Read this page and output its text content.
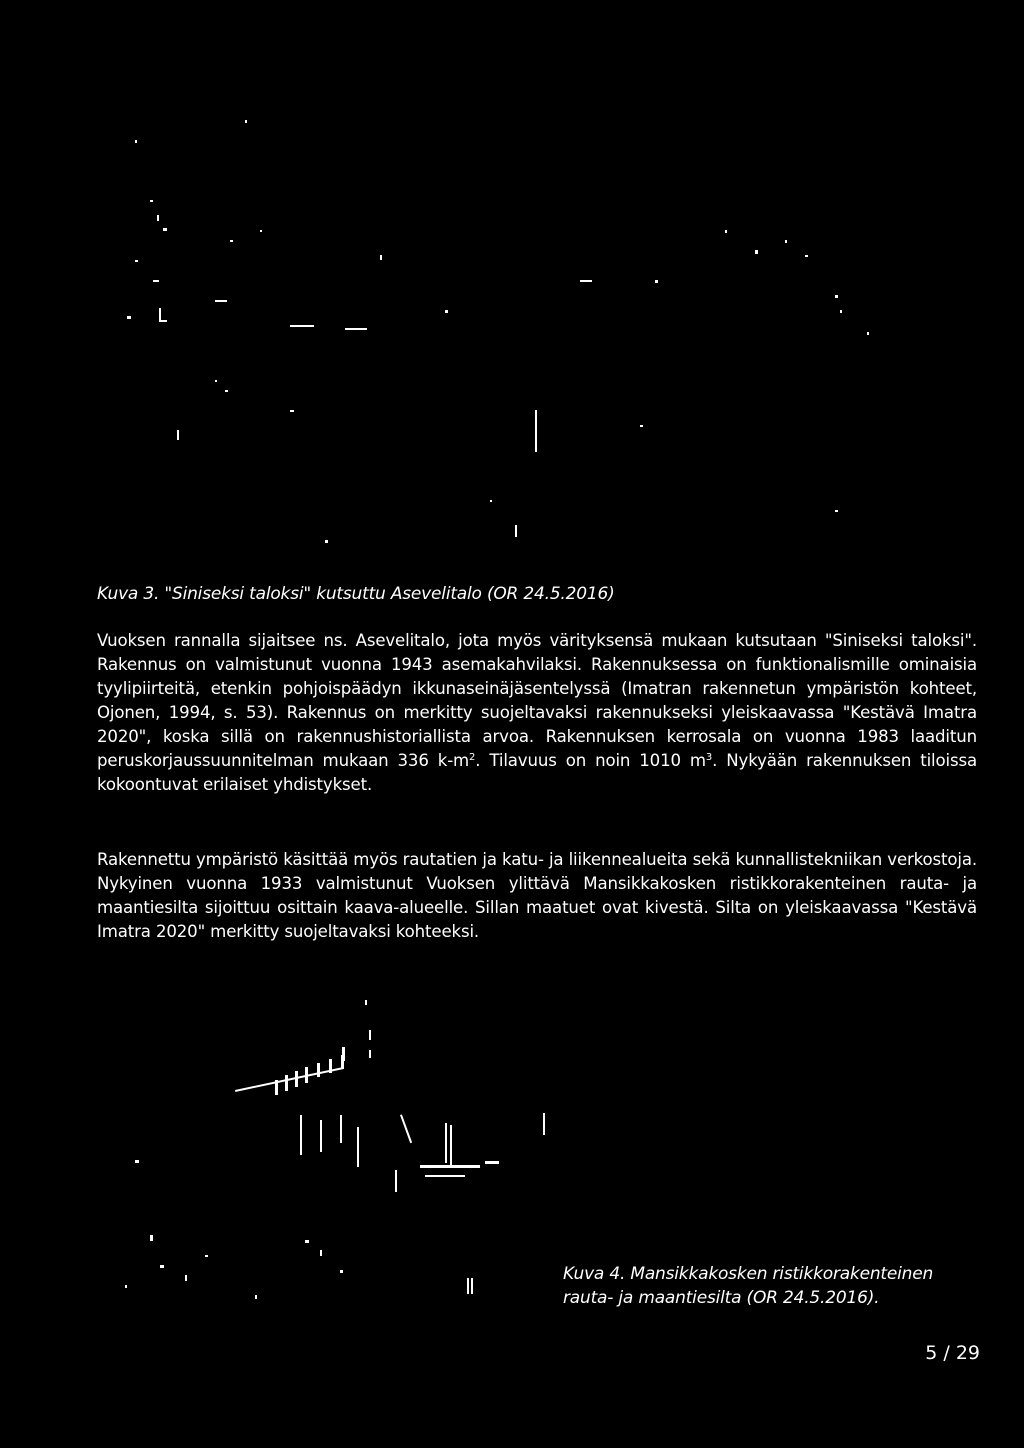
Kuva 3. "Siniseksi taloksi" kutsuttu Asevelitalo (OR 24.5.2016)

Vuoksen rannalla sijaitsee ns. Asevelitalo, jota myös värityksensä mukaan kutsutaan "Siniseksi taloksi". Rakennus on valmistunut vuonna 1943 asemakahvilaksi. Rakennuksessa on funktionalismille ominaisia tyylipiirteitä, etenkin pohjoispäädyn ikkunaseinäjäsentelyssä (Imatran rakennetun ympäristön kohteet, Ojonen, 1994, s. 53). Rakennus on merkitty suojeltavaksi rakennukseksi yleiskaavassa "Kestävä Imatra 2020", koska sillä on rakennushistoriallista arvoa. Rakennuksen kerrosala on vuonna 1983 laaditun peruskorjaussuunnitelman mukaan 336 $k-m^2$. Tilavuus on noin 1010 $m^3$. Nykyään rakennuksen tiloissa kokoontuvat erilaiset yhdistykset.

Rakennettu ympäristö käsittää myös rautatien ja katu- ja liikennealueita sekä kunnallistekniikan verkostoja. Nykyinen vuonna 1933 valmistunut Vuoksen ylittävä Mansikkakosken ristikkorakenteinen rauta- ja maantiesilta sijoittuu osittain kaava-alueelle. Sillan maatuet ovat kivestä. Silta on yleiskaavassa "Kestävä Imatra 2020" merkitty suojeltavaksi kohteeksi.

Kuva 4. Mansikkakosken ristikkorakenteinen rauta- ja maantiesilta (OR 24.5.2016).
5 / 29
